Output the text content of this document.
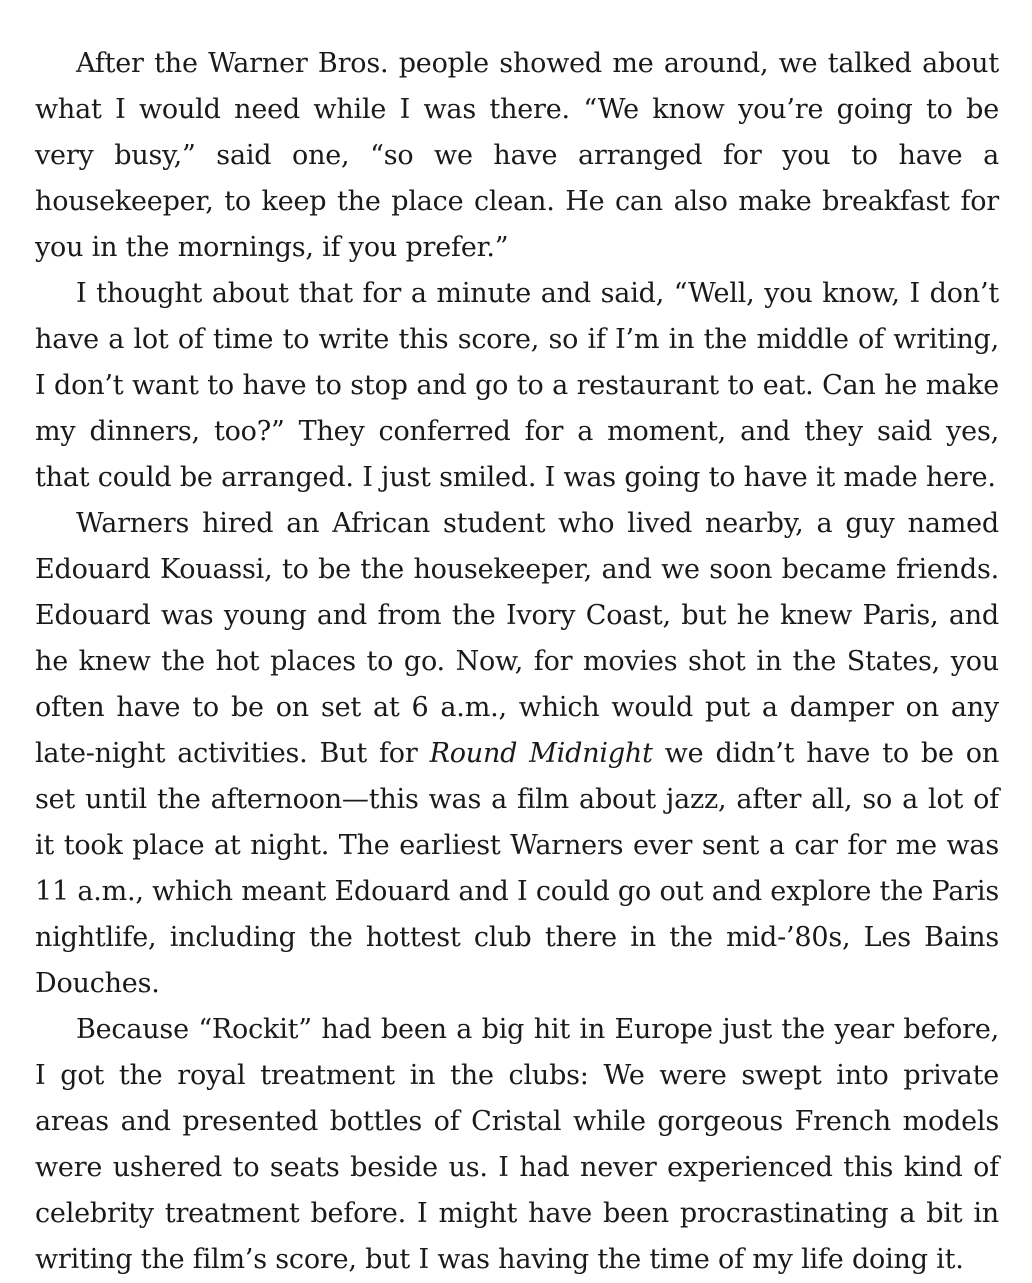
After the Warner Bros. people showed me around, we talked about what I would need while I was there. “We know you’re going to be very busy,” said one, “so we have arranged for you to have a housekeeper, to keep the place clean. He can also make breakfast for you in the mornings, if you prefer.”

I thought about that for a minute and said, “Well, you know, I don’t have a lot of time to write this score, so if I’m in the middle of writing, I don’t want to have to stop and go to a restaurant to eat. Can he make my dinners, too?” They conferred for a moment, and they said yes, that could be arranged. I just smiled. I was going to have it made here.

Warners hired an African student who lived nearby, a guy named Edouard Kouassi, to be the housekeeper, and we soon became friends. Edouard was young and from the Ivory Coast, but he knew Paris, and he knew the hot places to go. Now, for movies shot in the States, you often have to be on set at 6 a.m., which would put a damper on any late-night activities. But for Round Midnight we didn’t have to be on set until the afternoon—this was a film about jazz, after all, so a lot of it took place at night. The earliest Warners ever sent a car for me was 11 a.m., which meant Edouard and I could go out and explore the Paris nightlife, including the hottest club there in the mid-’80s, Les Bains Douches.

Because “Rockit” had been a big hit in Europe just the year before, I got the royal treatment in the clubs: We were swept into private areas and presented bottles of Cristal while gorgeous French models were ushered to seats beside us. I had never experienced this kind of celebrity treatment before. I might have been procrastinating a bit in writing the film’s score, but I was having the time of my life doing it.
